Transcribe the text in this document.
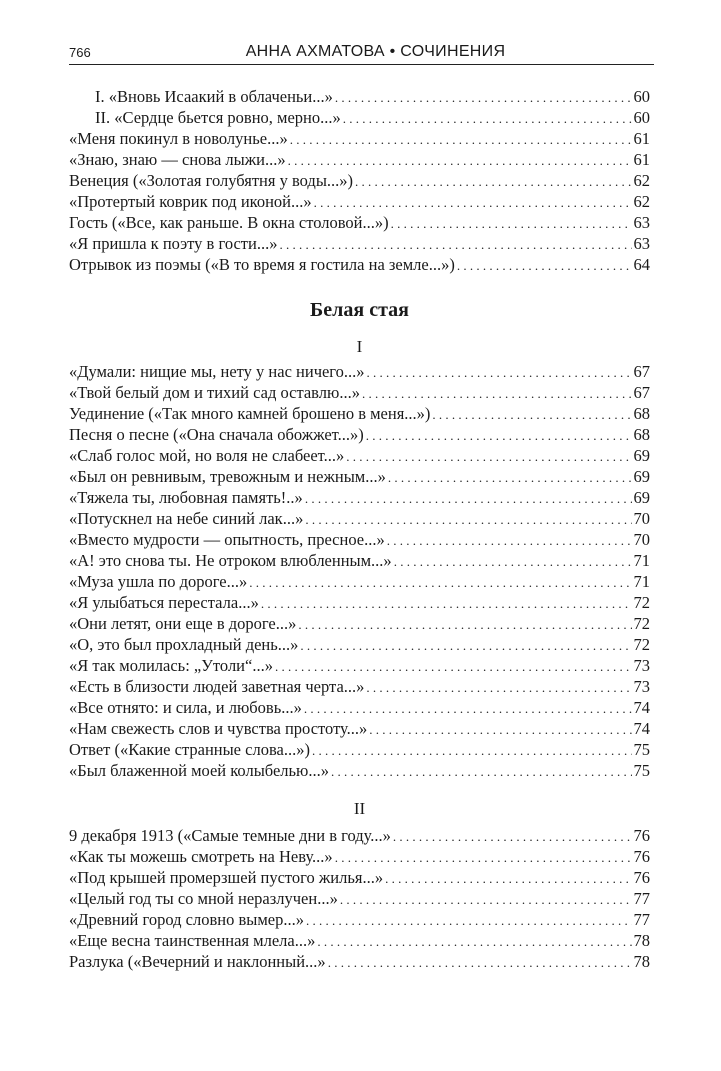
766	АННА АХМАТОВА • СОЧИНЕНИЯ
I. «Вновь Исаакий в облаченьи...» . . .	60
II. «Сердце бьется ровно, мерно...» . . .	60
«Меня покинул в новолунье...» . . .	61
«Знаю, знаю — снова лыжи...» . . .	61
Венеция («Золотая голубятня у воды...») . . .	62
«Протертый коврик под иконой...» . . .	62
Гость («Все, как раньше. В окна столовой...») . . .	63
«Я пришла к поэту в гости...» . . .	63
Отрывок из поэмы («В то время я гостила на земле...») . . .	64
Белая стая
I
«Думали: нищие мы, нету у нас ничего...» . . .	67
«Твой белый дом и тихий сад оставлю...» . . .	67
Уединение («Так много камней брошено в меня...») . . .	68
Песня о песне («Она сначала обожжет...») . . .	68
«Слаб голос мой, но воля не слабеет...» . . .	69
«Был он ревнивым, тревожным и нежным...» . . .	69
«Тяжела ты, любовная память!..» . . .	69
«Потускнел на небе синий лак...» . . .	70
«Вместо мудрости — опытность, пресное...» . . .	70
«А! это снова ты. Не отроком влюбленным...» . . .	71
«Муза ушла по дороге...» . . .	71
«Я улыбаться перестала...» . . .	72
«Они летят, они еще в дороге...» . . .	72
«О, это был прохладный день...» . . .	72
«Я так молилась: „Утоли“...» . . .	73
«Есть в близости людей заветная черта...» . . .	73
«Все отнято: и сила, и любовь...» . . .	74
«Нам свежесть слов и чувства простоту...» . . .	74
Ответ («Какие странные слова...») . . .	75
«Был блаженной моей колыбелью...» . . .	75
II
9 декабря 1913 («Самые темные дни в году...» . . .	76
«Как ты можешь смотреть на Неву...» . . .	76
«Под крышей промерзшей пустого жилья...» . . .	76
«Целый год ты со мной неразлучен...» . . .	77
«Древний город словно вымер...» . . .	77
«Еще весна таинственная млела...» . . .	78
Разлука («Вечерний и наклонный...» . . .	78
